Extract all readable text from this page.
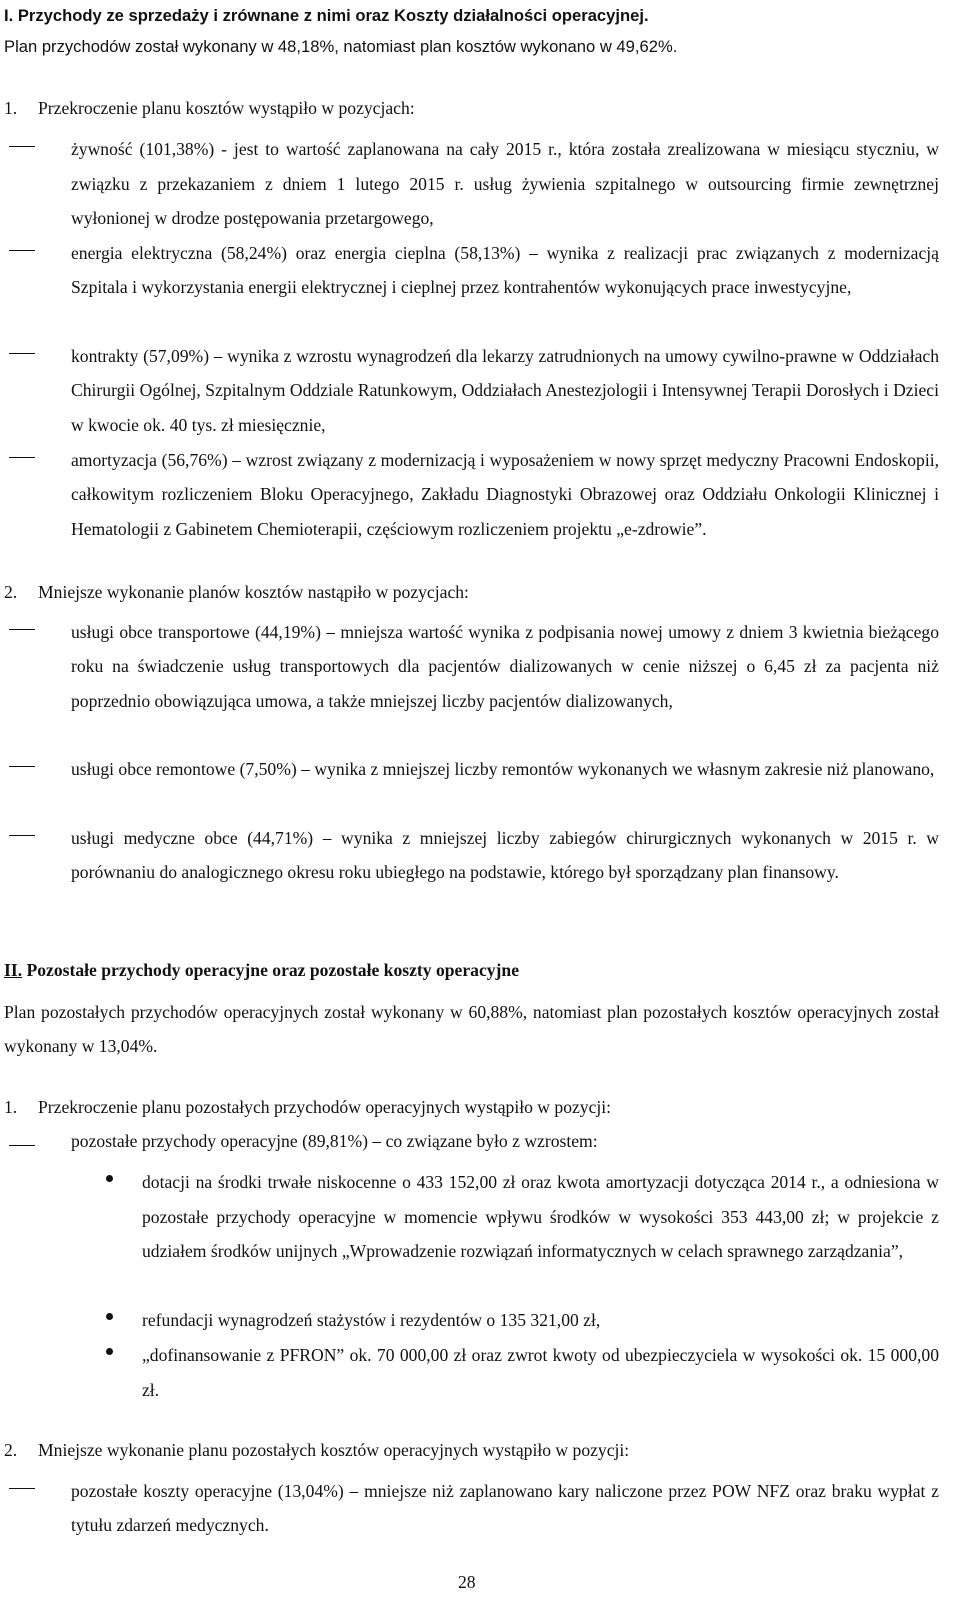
I. Przychody ze sprzedaży i zrównane z nimi oraz Koszty działalności operacyjnej.

Plan przychodów został wykonany w 48,18%, natomiast plan kosztów wykonano w 49,62%.

1. Przekroczenie planu kosztów wystąpiło w pozycjach:
żywność (101,38%) - jest to wartość zaplanowana na cały 2015 r., która została zrealizowana w miesiącu styczniu, w związku z przekazaniem z dniem 1 lutego 2015 r. usług żywienia szpitalnego w outsourcing firmie zewnętrznej wyłonionej w drodze postępowania przetargowego,
energia elektryczna (58,24%) oraz energia cieplna (58,13%) ⎯ wynika z realizacji prac związanych z modernizacją Szpitala i wykorzystania energii elektrycznej i cieplnej przez kontrahentów wykonujących prace inwestycyjne,
kontrakty (57,09%) ⎯ wynika z wzrostu wynagrodzeń dla lekarzy zatrudnionych na umowy cywilno-prawne w Oddziałach Chirurgii Ogólnej, Szpitalnym Oddziale Ratunkowym, Oddziałach Anestezjologii i Intensywnej Terapii Dorosłych i Dzieci w kwocie ok. 40 tys. zł miesięcznie,
amortyzacja (56,76%) ⎯ wzrost związany z modernizacją i wyposażeniem w nowy sprzęt medyczny Pracowni Endoskopii, całkowitym rozliczeniem Bloku Operacyjnego, Zakładu Diagnostyki Obrazowej oraz Oddziału Onkologii Klinicznej i Hematologii z Gabinetem Chemioterapii, częściowym rozliczeniem projektu „e-zdrowie”.
2. Mniejsze wykonanie planów kosztów nastąpiło w pozycjach:
usługi obce transportowe (44,19%) ⎯ mniejsza wartość wynika z podpisania nowej umowy z dniem 3 kwietnia bieżącego roku na świadczenie usług transportowych dla pacjentów dializowanych w cenie niższej o 6,45 zł za pacjenta niż poprzednio obowiązująca umowa, a także mniejszej liczby pacjentów dializowanych,
usługi obce remontowe (7,50%) ⎯ wynika z mniejszej liczby remontów wykonanych we własnym zakresie niż planowano,
usługi medyczne obce (44,71%) ⎯ wynika z mniejszej liczby zabiegów chirurgicznych wykonanych w 2015 r. w porównaniu do analogicznego okresu roku ubiegłego na podstawie, którego był sporządzany plan finansowy.
II. Pozostałe przychody operacyjne oraz pozostałe koszty operacyjne
Plan pozostałych przychodów operacyjnych został wykonany w 60,88%, natomiast plan pozostałych kosztów operacyjnych został wykonany w 13,04%.
1. Przekroczenie planu pozostałych przychodów operacyjnych wystąpiło w pozycji:
pozostałe przychody operacyjne (89,81%) ⎯ co związane było z wzrostem:
dotacji na środki trwałe niskocenne o 433 152,00 zł oraz kwota amortyzacji dotycząca 2014 r., a odniesiona w pozostałe przychody operacyjne w momencie wpływu środków w wysokości 353 443,00 zł; w projekcie z udziałem środków unijnych „Wprowadzenie rozwiązań informatycznych w celach sprawnego zarządzania”,
refundacji wynagrodzeń stażystów i rezydentów o 135 321,00 zł,
„dofinansowanie z PFRON” ok. 70 000,00 zł oraz zwrot kwoty od ubezpieczyciela w wysokości ok. 15 000,00 zł.
2. Mniejsze wykonanie planu pozostałych kosztów operacyjnych wystąpiło w pozycji:
pozostałe koszty operacyjne (13,04%) ⎯ mniejsze niż zaplanowano kary naliczone przez POW NFZ oraz braku wypłat z tytułu zdarzeń medycznych.
28
